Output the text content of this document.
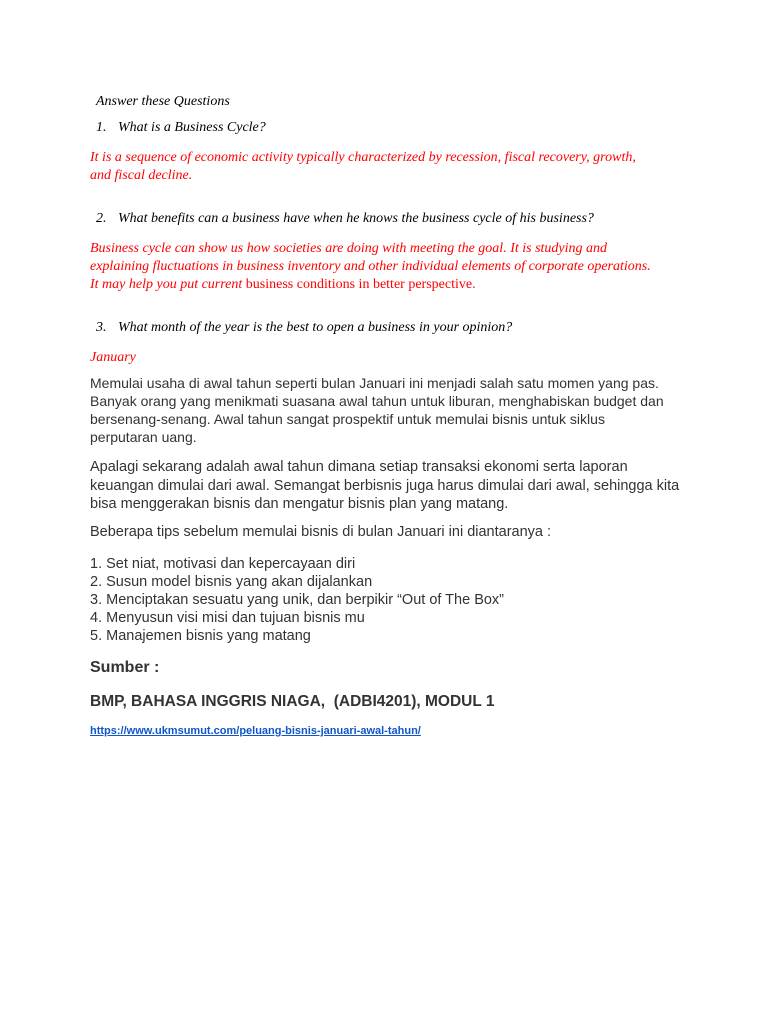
Answer these Questions

1. What is a Business Cycle?

It is a sequence of economic activity typically characterized by recession, fiscal recovery, growth, and fiscal decline.

2. What benefits can a business have when he knows the business cycle of his business?

Business cycle can show us how societies are doing with meeting the goal. It is studying and explaining fluctuations in business inventory and other individual elements of corporate operations. It may help you put current business conditions in better perspective.

3. What month of the year is the best to open a business in your opinion?

January

Memulai usaha di awal tahun seperti bulan Januari ini menjadi salah satu momen yang pas. Banyak orang yang menikmati suasana awal tahun untuk liburan, menghabiskan budget dan bersenang-senang. Awal tahun sangat prospektif untuk memulai bisnis untuk siklus perputaran uang.

Apalagi sekarang adalah awal tahun dimana setiap transaksi ekonomi serta laporan keuangan dimulai dari awal. Semangat berbisnis juga harus dimulai dari awal, sehingga kita bisa menggerakan bisnis dan mengatur bisnis plan yang matang.

Beberapa tips sebelum memulai bisnis di bulan Januari ini diantaranya :

1. Set niat, motivasi dan kepercayaan diri
2. Susun model bisnis yang akan dijalankan
3. Menciptakan sesuatu yang unik, dan berpikir “Out of The Box”
4. Menyusun visi misi dan tujuan bisnis mu
5. Manajemen bisnis yang matang

Sumber :

BMP, BAHASA INGGRIS NIAGA,  (ADBI4201), MODUL 1

https://www.ukmsumut.com/peluang-bisnis-januari-awal-tahun/
